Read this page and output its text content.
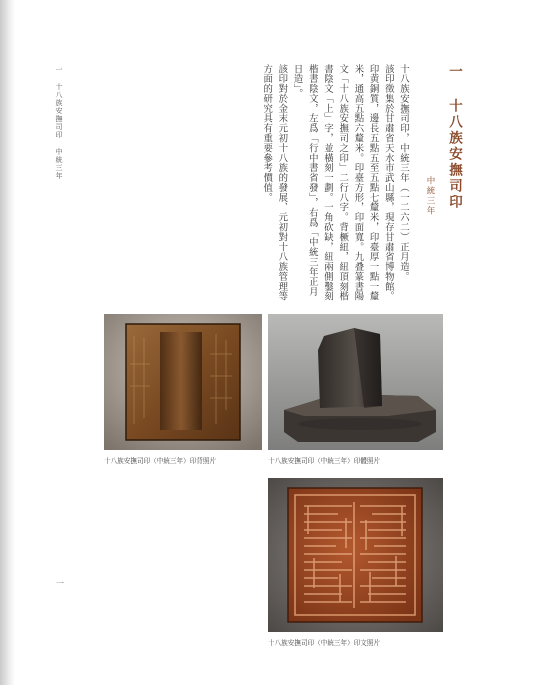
一 十八族安撫司印 中統三年
一
一 十八族安撫司印
中統三年

十八族安撫司印，中統三年（一二六二）正月造。

該印徵集於甘肅省天水市武山縣，現存甘肅省博物館。印黄銅質，邊長五點五至五點七釐米，印臺厚一點一釐米，通高五點六釐米。印臺方形，印面寬。九叠篆書陽文「十八族安撫司之印」二行八字。背橛紐，紐頂刻楷書陰文「上」字，並橫刻一劃。一角砍缺，紐兩側鑿刻楷書陰文，左爲「行中書省發」，右爲「中統三年正月日造」。

該印對於金末元初十八族的發展、元初對十八族管理等方面的研究具有重要參考價值。

十八族安撫司印（中統三年）印背照片	十八族安撫司印（中統三年）印體照片
十八族安撫司印（中統三年）印文照片
